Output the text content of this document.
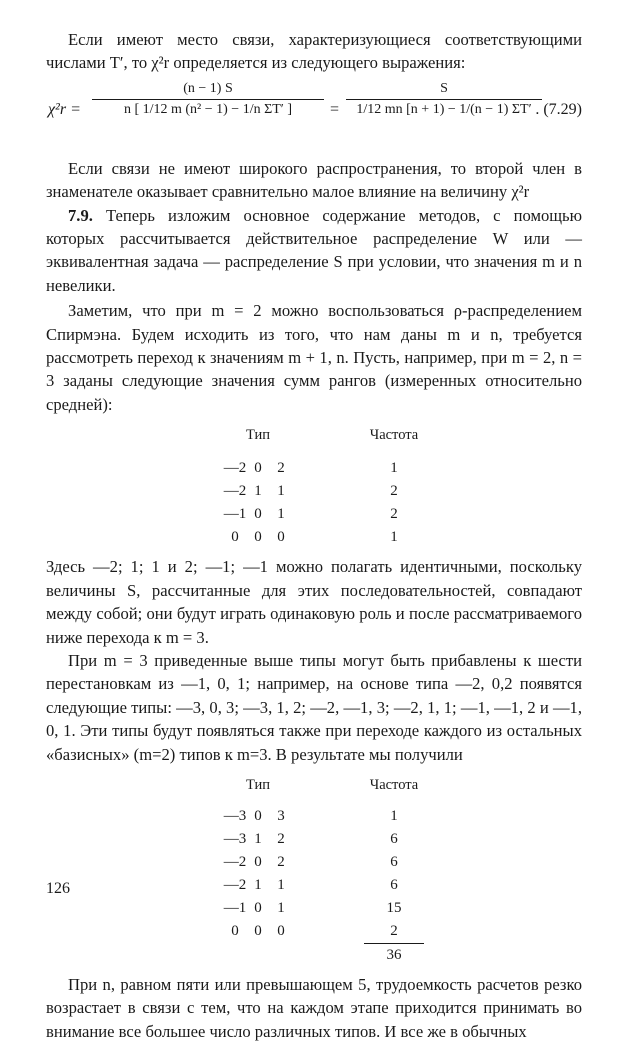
Если имеют место связи, характеризующиеся соответствующими числами T′, то χ²r определяется из следующего выражения:

χ²r =
(n − 1) S
n [ 1/12 m (n² − 1) − 1/n ΣT′ ]	=
S
1/12 mn [n + 1) − 1/(n − 1) ΣT′ . (7.29)

Если связи не имеют широкого распространения, то второй член в знаменателе оказывает сравнительно малое влияние на величину χ²r

7.9. Теперь изложим основное содержание методов, с помощью которых рассчитывается действительное распределение W или — эквивалентная задача — распределение S при условии, что значения m и n невелики.

Заметим, что при m = 2 можно воспользоваться ρ-распределением Спирмэна. Будем исходить из того, что нам даны m и n, требуется рассмотреть переход к значениям m + 1, n. Пусть, например, при m = 2, n = 3 заданы следующие значения сумм рангов (измеренных относительно средней):

Тип				Частота

—2	0	2		1
—2	1	1		2
—1	0	1		2
0	0	0		1

Здесь —2; 1; 1 и 2; —1; —1 можно полагать идентичными, поскольку величины S, рассчитанные для этих последовательностей, совпадают между собой; они будут играть одинаковую роль и после рассматриваемого ниже перехода к m = 3.

При m = 3 приведенные выше типы могут быть прибавлены к шести перестановкам из —1, 0, 1; например, на основе типа —2, 0,2 появятся следующие типы: —3, 0, 3; —3, 1, 2; —2, —1, 3; —2, 1, 1; —1, —1, 2 и —1, 0, 1. Эти типы будут появляться также при переходе каждого из остальных «базисных» (m=2) типов к m=3. В результате мы получили

Тип				Частота

—3	0	3		1
—3	1	2		6
—2	0	2		6
—2	1	1		6
—1	0	1		15
0	0	0		2
				36

При n, равном пяти или превышающем 5, трудоемкость расчетов резко возрастает в связи с тем, что на каждом этапе приходится принимать во внимание все большее число различных типов. И все же в обычных

126
